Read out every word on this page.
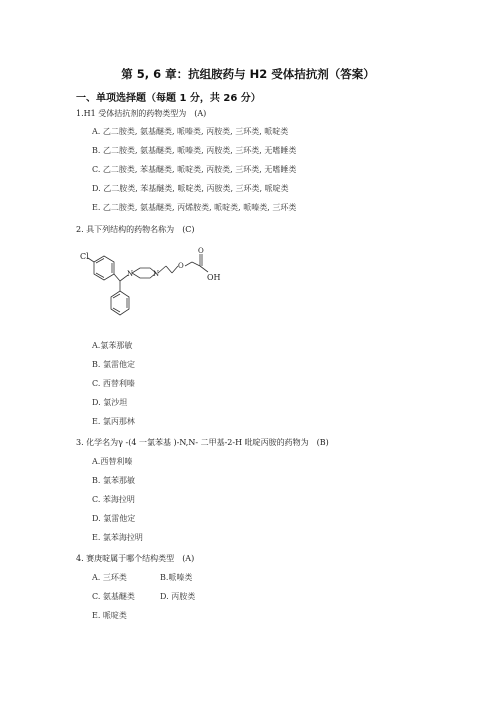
第 5, 6 章：抗组胺药与 H2 受体拮抗剂（答案）
一、单项选择题（每题 1 分，共 26 分）
1.H1 受体拮抗剂的药物类型为 (A)
A. 乙二胺类, 氨基醚类, 哌嗪类, 丙胺类, 三环类, 哌啶类
B. 乙二胺类, 氨基醚类, 哌嗪类, 丙胺类, 三环类, 无嗜睡类
C. 乙二胺类, 苯基醚类, 哌啶类, 丙胺类, 三环类, 无嗜睡类
D. 乙二胺类, 苯基醚类, 哌啶类, 丙胺类, 三环类, 哌啶类
E. 乙二胺类, 氨基醚类, 丙烯胺类, 哌啶类, 哌嗪类, 三环类
2. 具下列结构的药物名称为 (C)
Cl
N	N
O
O
OH
A.氯苯那敏
B. 氯雷他定
C. 西替利嗪
D. 氯沙坦
E. 氯丙那林
3. 化学名为γ -(4 一氯苯基 )-N,N- 二甲基-2-H 吡啶丙胺的药物为 (B)
A.西替利嗪
B. 氯苯那敏
C. 苯海拉明
D. 氯雷他定
E. 氯苯海拉明
4. 赛庚啶属于哪个结构类型 (A)
A. 三环类	B.哌嗪类
C. 氨基醚类	D. 丙胺类
E. 哌啶类
